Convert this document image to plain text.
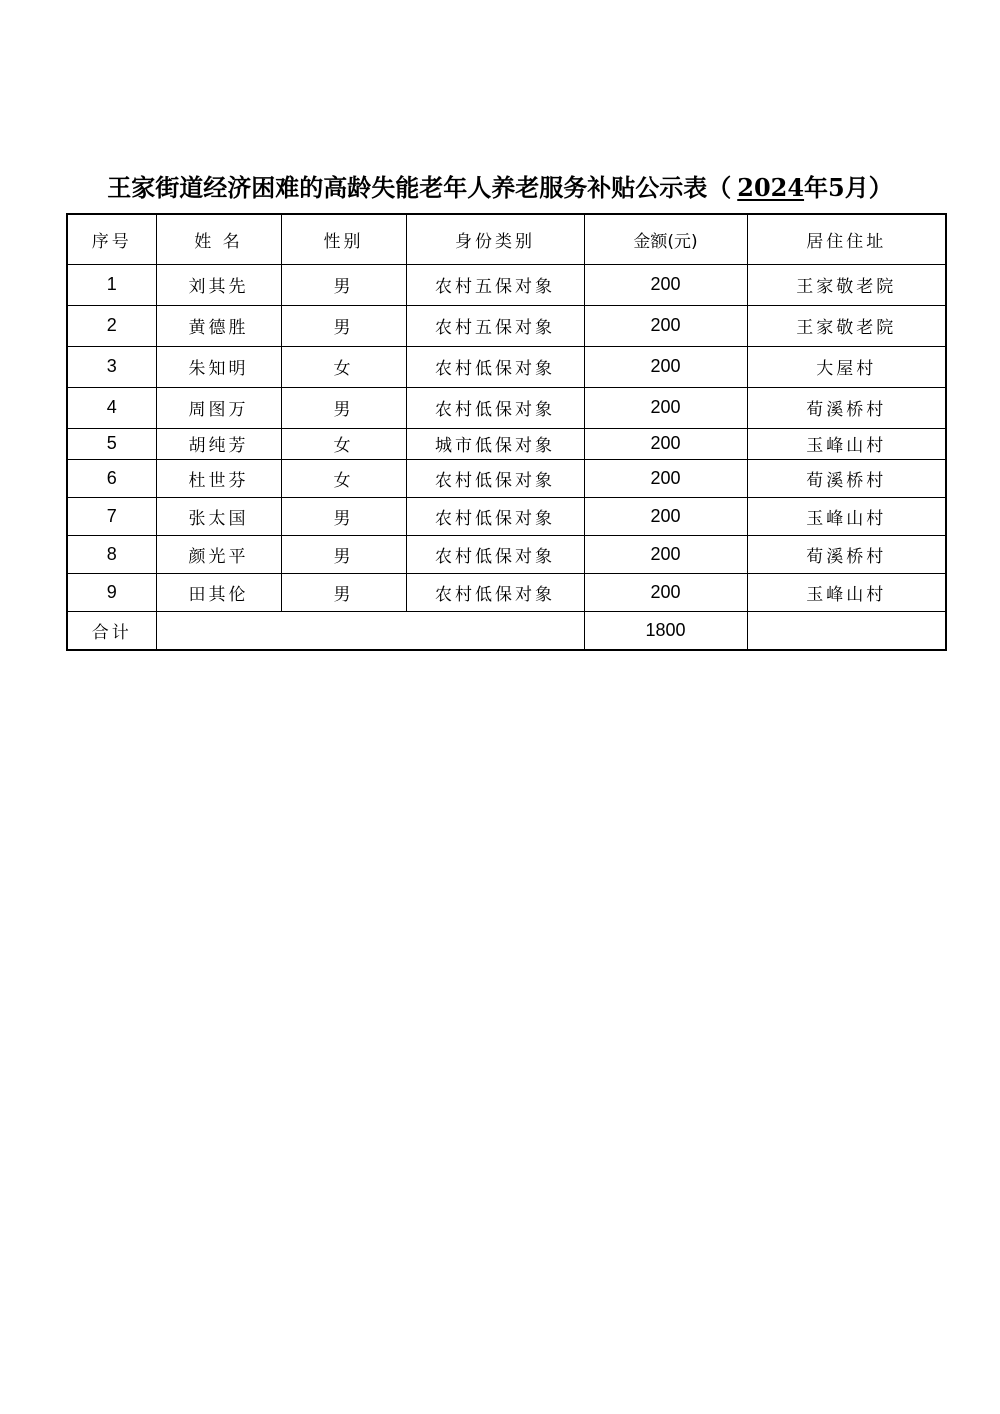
王家街道经济困难的高龄失能老年人养老服务补贴公示表（ 2024年5月）
序号	姓 名	性别	身份类别	金额(元)	居住住址
1	刘其先	男	农村五保对象	200	王家敬老院
2	黄德胜	男	农村五保对象	200	王家敬老院
3	朱知明	女	农村低保对象	200	大屋村
4	周图万	男	农村低保对象	200	荀溪桥村
5	胡纯芳	女	城市低保对象	200	玉峰山村
6	杜世芬	女	农村低保对象	200	荀溪桥村
7	张太国	男	农村低保对象	200	玉峰山村
8	颜光平	男	农村低保对象	200	荀溪桥村
9	田其伦	男	农村低保对象	200	玉峰山村
合计				1800	
